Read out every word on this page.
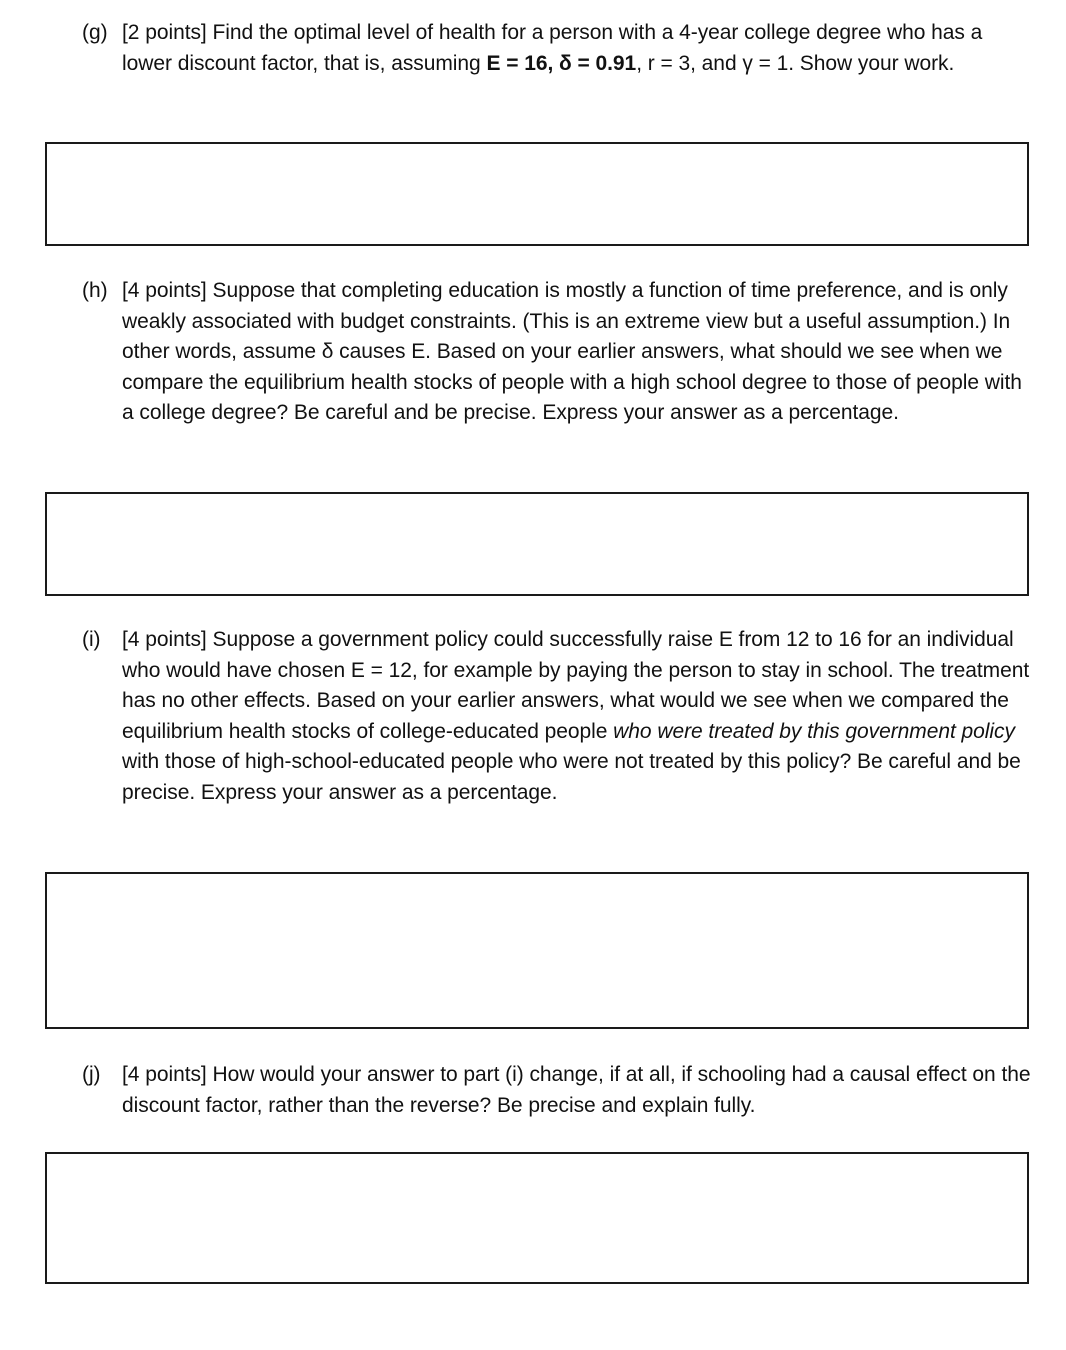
(g) [2 points] Find the optimal level of health for a person with a 4-year college degree who has a lower discount factor, that is, assuming E = 16, δ = 0.91, r = 3, and γ = 1. Show your work.

(h) [4 points] Suppose that completing education is mostly a function of time preference, and is only weakly associated with budget constraints. (This is an extreme view but a useful assumption.) In other words, assume δ causes E. Based on your earlier answers, what should we see when we compare the equilibrium health stocks of people with a high school degree to those of people with a college degree? Be careful and be precise. Express your answer as a percentage.

(i)	[4 points] Suppose a government policy could successfully raise E from 12 to 16 for an individual who would have chosen E = 12, for example by paying the person to stay in school. The treatment has no other effects. Based on your earlier answers, what would we see when we compared the equilibrium health stocks of college-educated people who were treated by this government policy with those of high-school-educated people who were not treated by this policy? Be careful and be precise. Express your answer as a percentage.

(j)	[4 points] How would your answer to part (i) change, if at all, if schooling had a causal effect on the discount factor, rather than the reverse? Be precise and explain fully.
